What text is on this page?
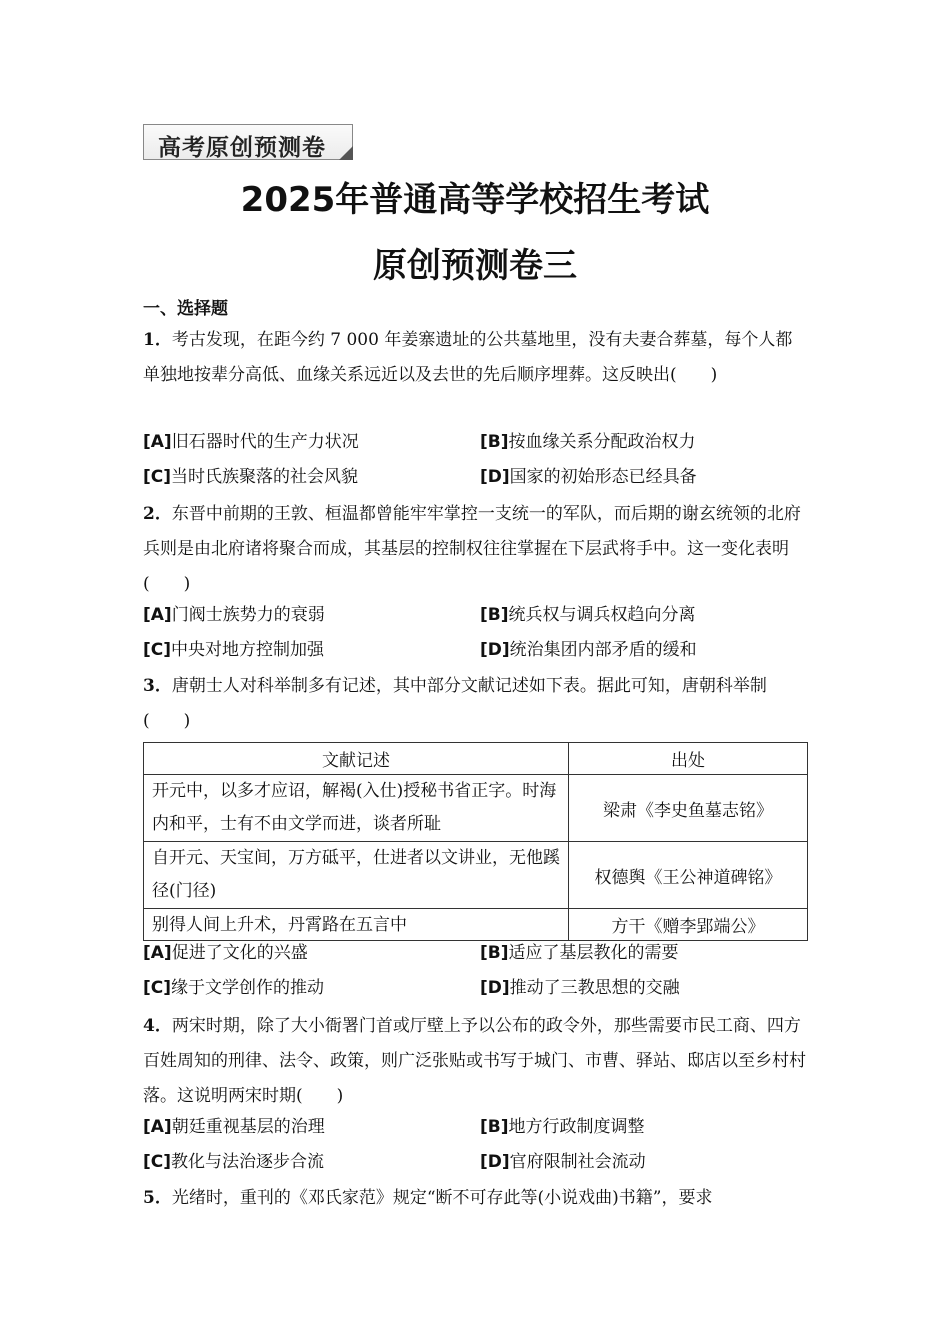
高考原创预测卷
2025年普通高等学校招生考试
原创预测卷三
一、选择题
1．考古发现，在距今约 7 000 年姜寨遗址的公共墓地里，没有夫妻合葬墓，每个人都单独地按辈分高低、血缘关系远近以及去世的先后顺序埋葬。这反映出(　　)
[A]旧石器时代的生产力状况	[B]按血缘关系分配政治权力
[C]当时氏族聚落的社会风貌	[D]国家的初始形态已经具备
2．东晋中前期的王敦、桓温都曾能牢牢掌控一支统一的军队，而后期的谢玄统领的北府兵则是由北府诸将聚合而成，其基层的控制权往往掌握在下层武将手中。这一变化表明(　　)
[A]门阀士族势力的衰弱	[B]统兵权与调兵权趋向分离
[C]中央对地方控制加强	[D]统治集团内部矛盾的缓和
3．唐朝士人对科举制多有记述，其中部分文献记述如下表。据此可知，唐朝科举制(　　)
文献记述	出处
开元中，以多才应诏，解褐(入仕)授秘书省正字。时海内和平，士有不由文学而进，谈者所耻	梁肃《李史鱼墓志铭》
自开元、天宝间，万方砥平，仕进者以文讲业，无他蹊径(门径)	权德舆《王公神道碑铭》
别得人间上升术，丹霄路在五言中	方干《赠李郢端公》
[A]促进了文化的兴盛	[B]适应了基层教化的需要
[C]缘于文学创作的推动	[D]推动了三教思想的交融
4．两宋时期，除了大小衙署门首或厅壁上予以公布的政令外，那些需要市民工商、四方百姓周知的刑律、法令、政策，则广泛张贴或书写于城门、市曹、驿站、邸店以至乡村村落。这说明两宋时期(　　)
[A]朝廷重视基层的治理	[B]地方行政制度调整
[C]教化与法治逐步合流	[D]官府限制社会流动
5．光绪时，重刊的《邓氏家范》规定“断不可存此等(小说戏曲)书籍”，要求
